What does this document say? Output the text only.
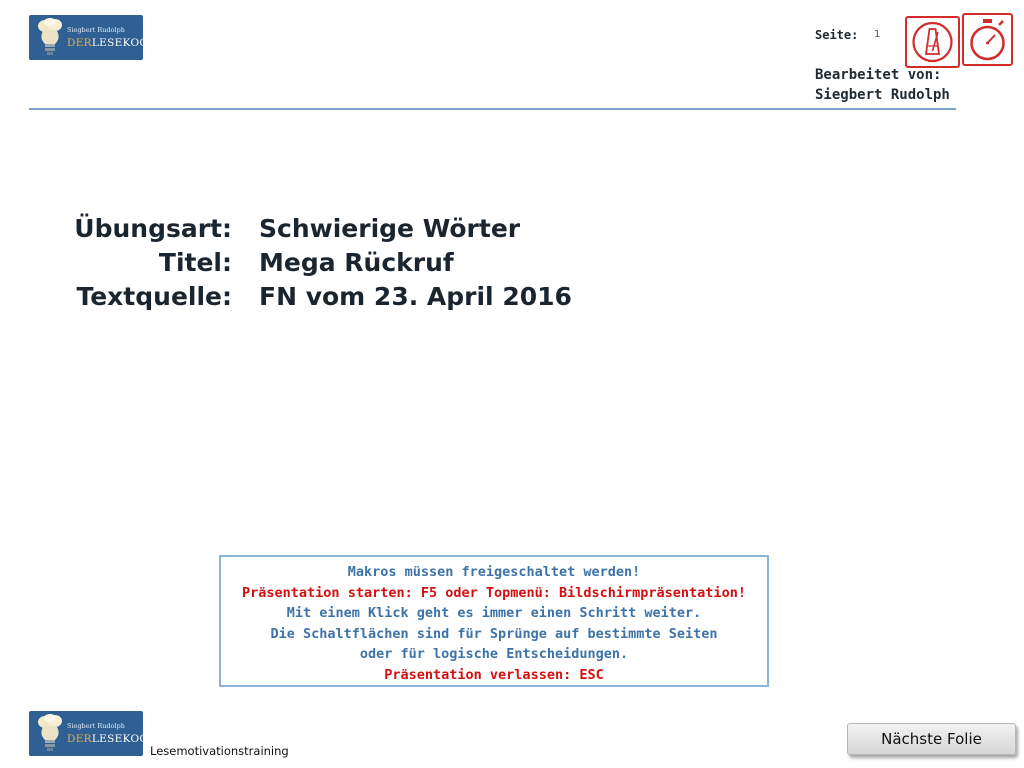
Siegbert Rudolph
DERLESEKOCH
Seite: 1
Bearbeitet von:
Siegbert Rudolph
Übungsart: Schwierige Wörter
Titel: Mega Rückruf
Textquelle: FN vom 23. April 2016
Makros müssen freigeschaltet werden!
Präsentation starten: F5 oder Topmenü: Bildschirmpräsentation!
Mit einem Klick geht es immer einen Schritt weiter.
Die Schaltflächen sind für Sprünge auf bestimmte Seiten
oder für logische Entscheidungen.
Präsentation verlassen: ESC
Siegbert Rudolph
DERLESEKOCH
Lesemotivationstraining
Nächste Folie
